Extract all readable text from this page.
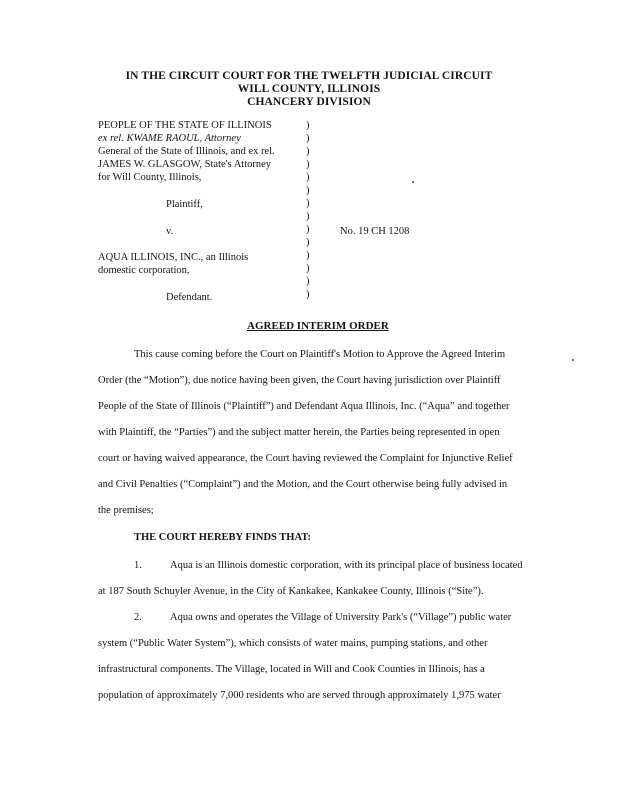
IN THE CIRCUIT COURT FOR THE TWELFTH JUDICIAL CIRCUIT
WILL COUNTY, ILLINOIS
CHANCERY DIVISION
PEOPLE OF THE STATE OF ILLINOIS
ex rel. KWAME RAOUL, Attorney
General of the State of Illinois, and ex rel.
JAMES W. GLASGOW, State's Attorney
for Will County, Illinois,
Plaintiff,
v.
AQUA ILLINOIS, INC., an Illinois
domestic corporation,
Defendant.
)
)
)
)
)
)
)
)
)
)
)
)
)
)
No. 19 CH 1208
AGREED INTERIM ORDER
This cause coming before the Court on Plaintiff's Motion to Approve the Agreed Interim
Order (the “Motion”), due notice having been given, the Court having jurisdiction over Plaintiff
People of the State of Illinois (“Plaintiff”) and Defendant Aqua Illinois, Inc. (“Aqua” and together
with Plaintiff, the “Parties”) and the subject matter herein, the Parties being represented in open
court or having waived appearance, the Court having reviewed the Complaint for Injunctive Relief
and Civil Penalties (“Complaint”) and the Motion, and the Court otherwise being fully advised in
the premises;
THE COURT HEREBY FINDS THAT:
1.	Aqua is an Illinois domestic corporation, with its principal place of business located
at 187 South Schuyler Avenue, in the City of Kankakee, Kankakee County, Illinois (“Site”).
2.	Aqua owns and operates the Village of University Park's (“Village”) public water
system (“Public Water System”), which consists of water mains, pumping stations, and other
infrastructural components. The Village, located in Will and Cook Counties in Illinois, has a
population of approximately 7,000 residents who are served through approximately 1,975 water
